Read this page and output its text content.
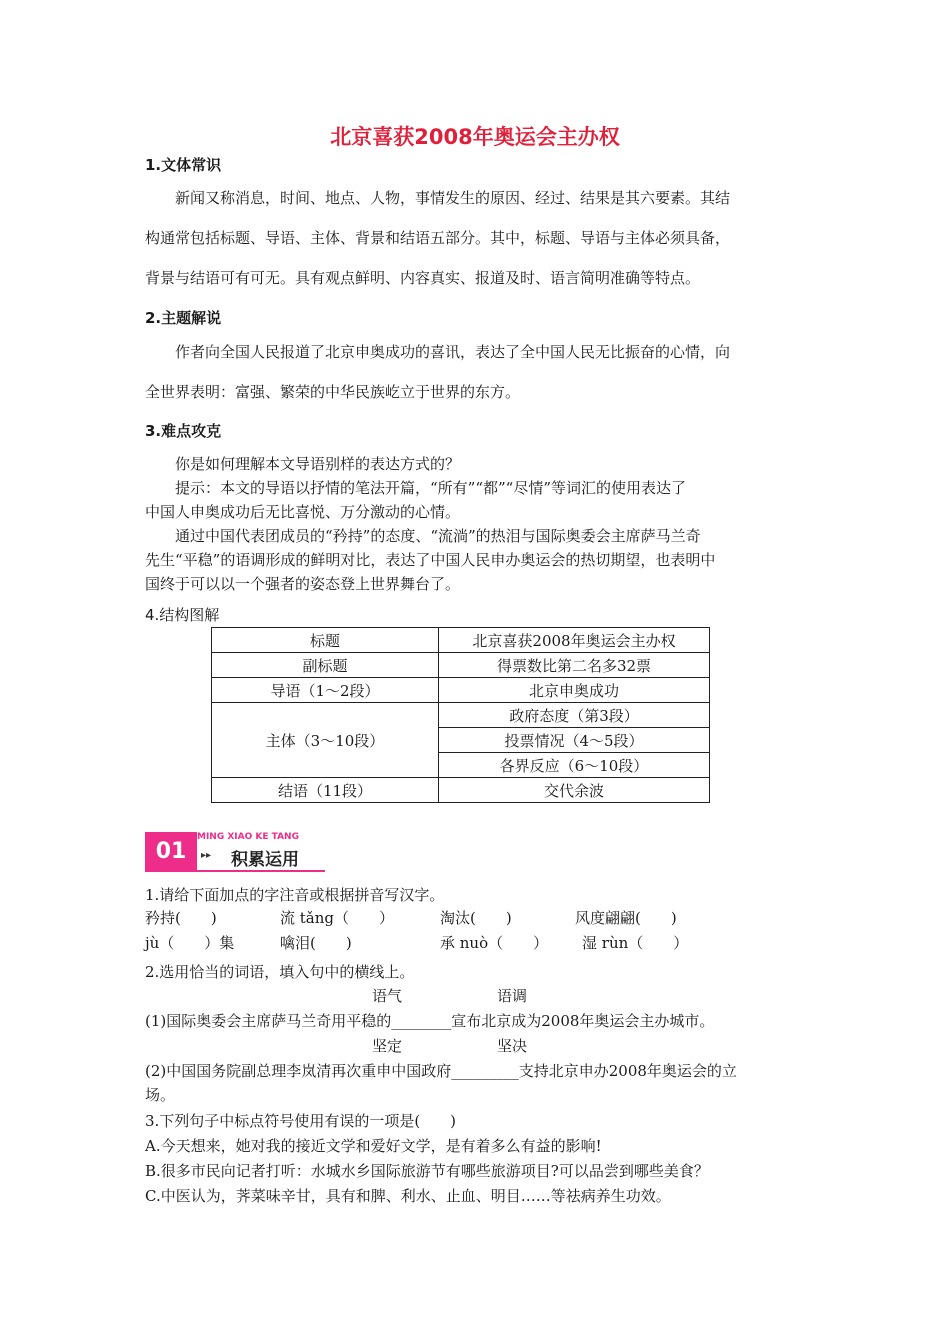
北京喜获2008年奥运会主办权
1.文体常识
新闻又称消息，时间、地点、人物，事情发生的原因、经过、结果是其六要素。其结
构通常包括标题、导语、主体、背景和结语五部分。其中，标题、导语与主体必须具备，
背景与结语可有可无。具有观点鲜明、内容真实、报道及时、语言简明准确等特点。
2.主题解说
作者向全国人民报道了北京申奥成功的喜讯，表达了全中国人民无比振奋的心情，向
全世界表明：富强、繁荣的中华民族屹立于世界的东方。
3.难点攻克
你是如何理解本文导语别样的表达方式的？
提示：本文的导语以抒情的笔法开篇，“所有”“都”“尽情”等词汇的使用表达了
中国人申奥成功后无比喜悦、万分激动的心情。
通过中国代表团成员的“矜持”的态度、“流淌”的热泪与国际奥委会主席萨马兰奇
先生“平稳”的语调形成的鲜明对比，表达了中国人民申办奥运会的热切期望，也表明中
国终于可以以一个强者的姿态登上世界舞台了。
4.结构图解
标题	北京喜获2008年奥运会主办权
副标题	得票数比第二名多32票
导语（1～2段）	北京申奥成功
主体（3～10段）	政府态度（第3段）
	投票情况（4～5段）
	各界反应（6～10段）
结语（11段）	交代余波
01
MING XIAO KE TANG
▸▸ 积累运用
1.请给下面加点的字注音或根据拼音写汉字。
矜持(　　)	流 tǎng（　　）	淘汰(　　)	风度翩翩(　　)
jù（　　）集	噙泪(　　)	承 nuò（　　） 湿 rùn（　　）
2.选用恰当的词语，填入句中的横线上。
语气	语调
(1)国际奥委会主席萨马兰奇用平稳的________宣布北京成为2008年奥运会主办城市。
坚定	坚决
(2)中国国务院副总理李岚清再次重申中国政府_________支持北京申办2008年奥运会的立
场。
3.下列句子中标点符号使用有误的一项是(　　)
A.今天想来，她对我的接近文学和爱好文学，是有着多么有益的影响!
B.很多市民向记者打听：水城水乡国际旅游节有哪些旅游项目?可以品尝到哪些美食？
C.中医认为，荠菜味辛甘，具有和脾、利水、止血、明目……等祛病养生功效。
